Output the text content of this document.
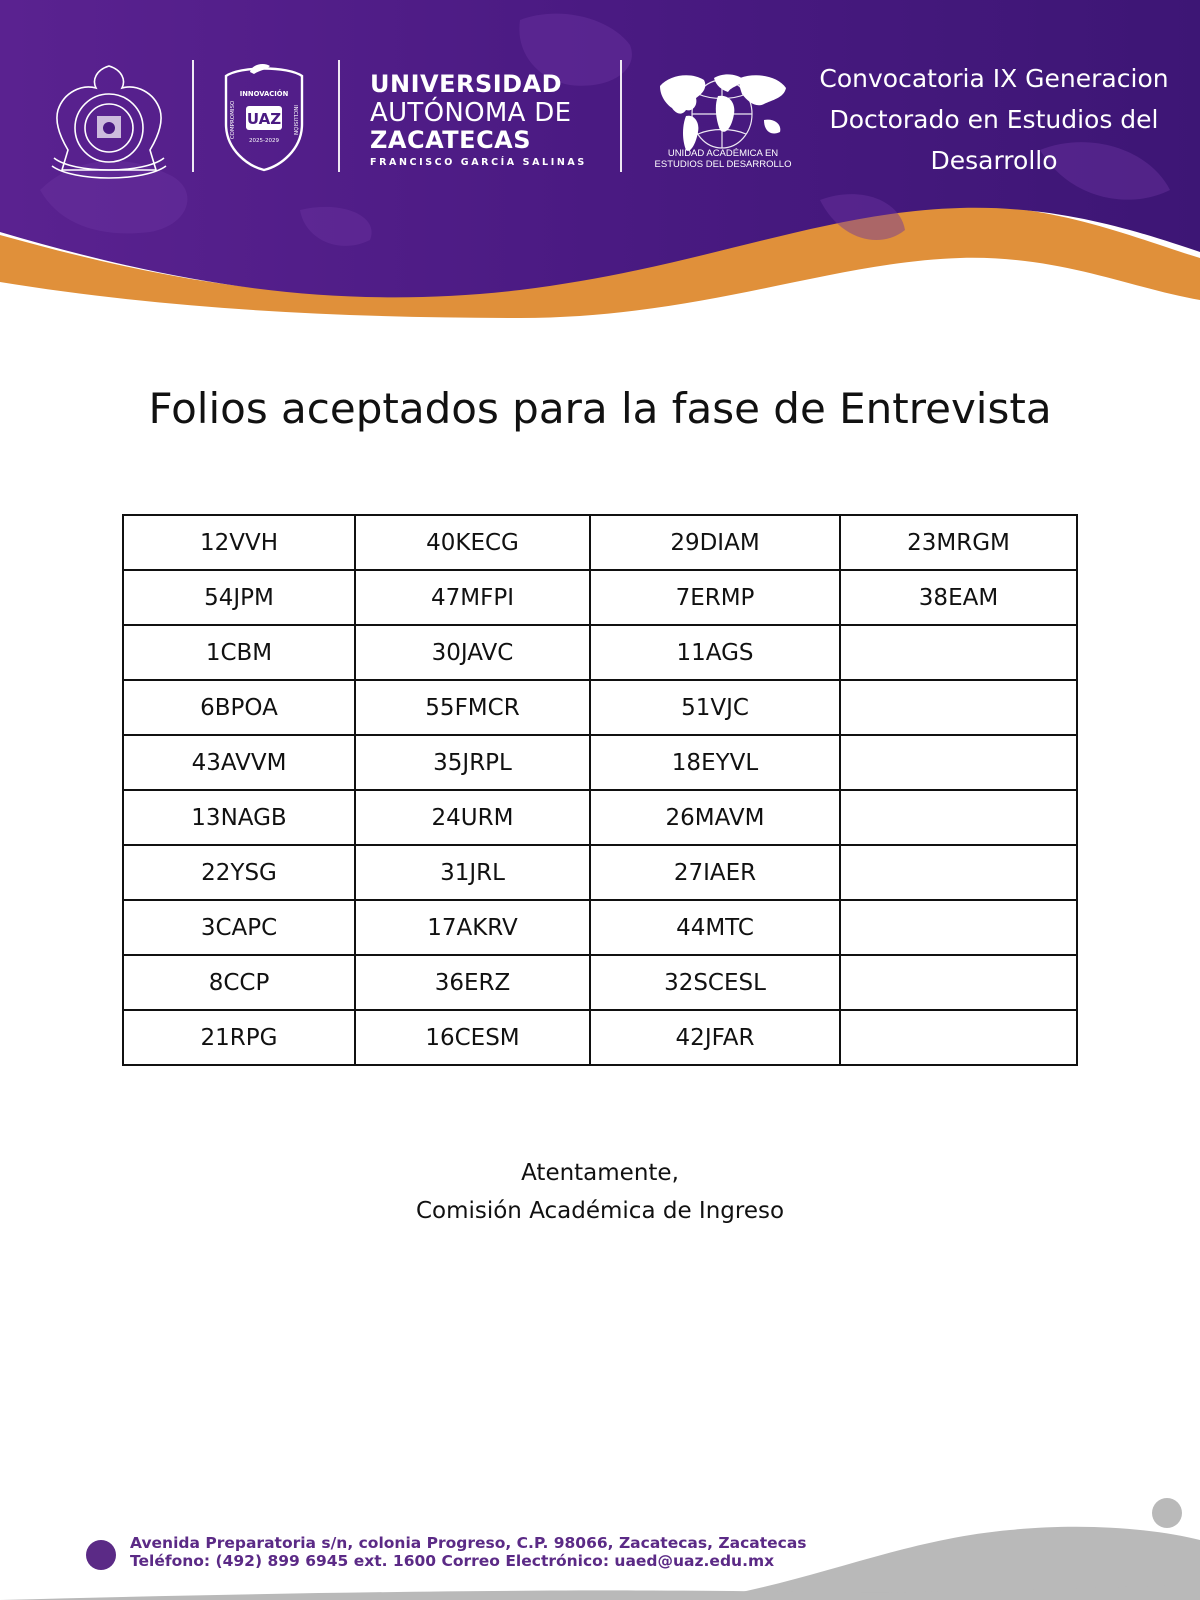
UAZ
INNOVACIÓN
COMPROMISO	INCLUSIÓN
2025-2029
UNIVERSIDAD
AUTÓNOMA DE
ZACATECAS
FRANCISCO GARCÍA SALINAS
UNIDAD ACADÉMICA EN
ESTUDIOS DEL DESARROLLO
Convocatoria IX Generacion
Doctorado en Estudios del
Desarrollo
Folios aceptados para la fase de Entrevista
12VVH	40KECG	29DIAM	23MRGM
54JPM	47MFPI	7ERMP	38EAM
1CBM	30JAVC	11AGS	
6BPOA	55FMCR	51VJC	
43AVVM	35JRPL	18EYVL	
13NAGB	24URM	26MAVM	
22YSG	31JRL	27IAER	
3CAPC	17AKRV	44MTC	
8CCP	36ERZ	32SCESL	
21RPG	16CESM	42JFAR	
Atentamente,
Comisión Académica de Ingreso
Avenida Preparatoria s/n, colonia Progreso, C.P. 98066, Zacatecas, Zacatecas
Teléfono: (492) 899 6945 ext. 1600 Correo Electrónico: uaed@uaz.edu.mx
